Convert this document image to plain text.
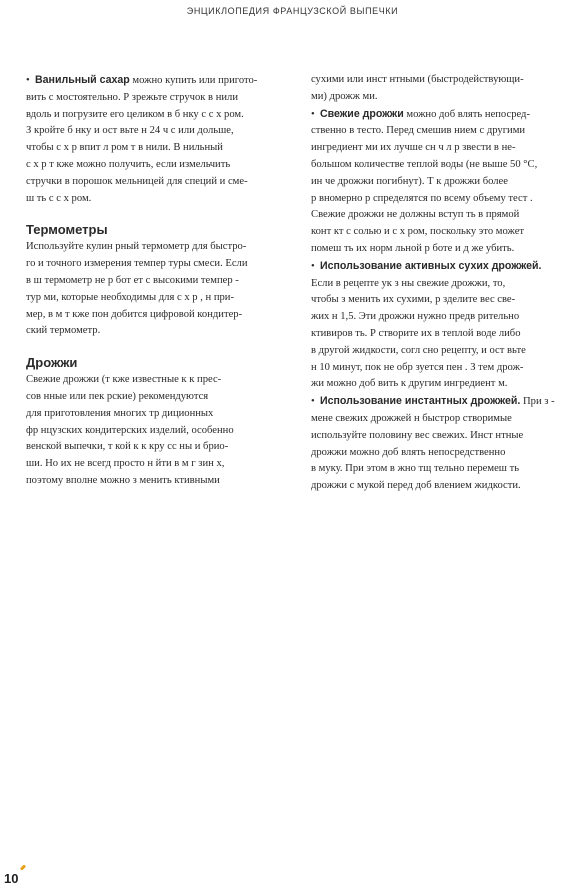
ЭНЦИКЛОПЕДИЯ ФРАНЦУЗСКОЙ ВЫПЕЧКИ

•  Ванильный сахар можно купить или пригото-

вить с мостоятельно. Р зрежьте стручок в нили

вдоль и погрузите его целиком в б нку с с х ром.

З кройте б нку и ост вьте н 24 ч с или дольше,

чтобы с х р впит л ром т в нили. В нильный

с х р т кже можно получить, если измельчить

стручки в порошок мельницей для специй и сме-

ш ть с с х ром.

Термометры

Используйте кулин рный термометр для быстро-

го и точного измерения темпер туры смеси. Если

в ш термометр не р бот ет с высокими темпер -

тур ми, которые необходимы для с х р , н при-

мер, в м т кже пон добится цифровой кондитер-

ский термометр.

Дрожжи

Свежие дрожжи (т кже известные к к прес-

сов нные или пек рские) рекомендуются

для приготовления многих тр диционных

фр нцузских кондитерских изделий, особенно

венской выпечки, т кой к к кру сс ны и брио-

ши. Но их не всегд просто н йти в м г зин х,

поэтому вполне можно з менить ктивными

сухими или инст нтными (быстродействующи-

ми) дрожж ми.

•  Свежие дрожжи можно доб влять непосред-

ственно в тесто. Перед смешив нием с другими

ингредиент ми их лучше сн ч л р звести в не-

большом количестве теплой воды (не выше 50 °С,

ин че дрожжи погибнут). Т к дрожжи более

р вномерно р спределятся по всему объему тест .

Свежие дрожжи не должны вступ ть в прямой

конт кт с солью и с х ром, поскольку это может

помеш ть их норм льной р боте и д же убить.

•  Использование активных сухих дрожжей.

Если в рецепте ук з ны свежие дрожжи, то,

чтобы з менить их сухими, р зделите вес све-

жих н 1,5. Эти дрожжи нужно предв рительно

ктивиров ть. Р створите их в теплой воде либо

в другой жидкости, согл сно рецепту, и ост вьте

н 10 минут, пок не обр зуется пен . З тем дрож-

жи можно доб вить к другим ингредиент м.

•  Использование инстантных дрожжей. При з -

мене свежих дрожжей н быстрор створимые

используйте половину вес свежих. Инст нтные

дрожжи можно доб влять непосредственно

в муку. При этом в жно тщ тельно перемеш ть

дрожжи с мукой перед доб влением жидкости.

10
